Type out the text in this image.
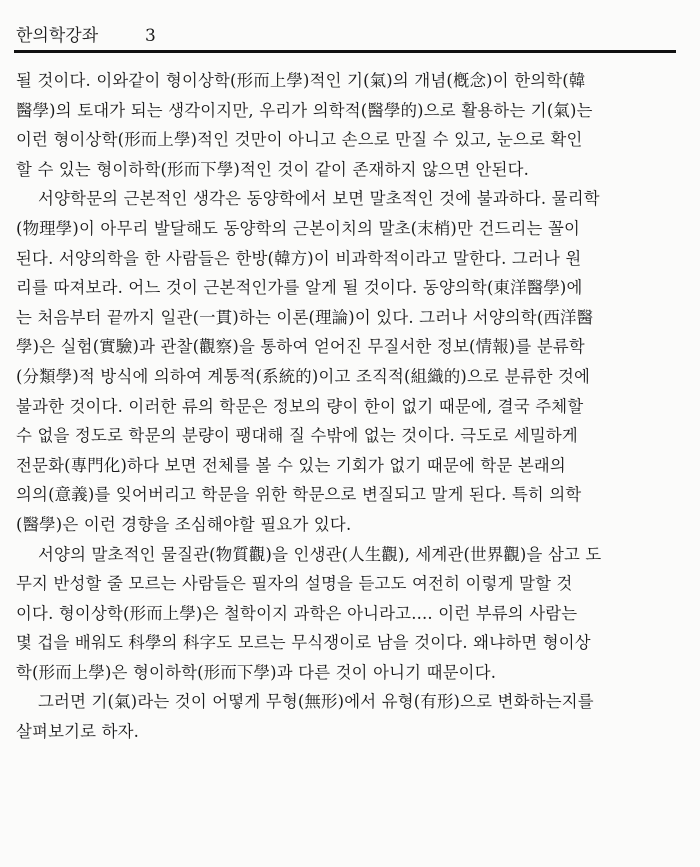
한의학강좌	3
될 것이다. 이와같이 형이상학(形而上學)적인 기(氣)의 개념(槪念)이 한의학(韓
醫學)의 토대가 되는 생각이지만, 우리가 의학적(醫學的)으로 활용하는 기(氣)는
이런 형이상학(形而上學)적인 것만이 아니고 손으로 만질 수 있고, 눈으로 확인
할 수 있는 형이하학(形而下學)적인 것이 같이 존재하지 않으면 안된다.
서양학문의 근본적인 생각은 동양학에서 보면 말초적인 것에 불과하다. 물리학
(物理學)이 아무리 발달해도 동양학의 근본이치의 말초(末梢)만 건드리는 꼴이
된다. 서양의학을 한 사람들은 한방(韓方)이 비과학적이라고 말한다. 그러나 원
리를 따져보라. 어느 것이 근본적인가를 알게 될 것이다. 동양의학(東洋醫學)에
는 처음부터 끝까지 일관(一貫)하는 이론(理論)이 있다. 그러나 서양의학(西洋醫
學)은 실험(實驗)과 관찰(觀察)을 통하여 얻어진 무질서한 정보(情報)를 분류학
(分類學)적 방식에 의하여 계통적(系統的)이고 조직적(組織的)으로 분류한 것에
불과한 것이다. 이러한 류의 학문은 정보의 량이 한이 없기 때문에, 결국 주체할
수 없을 정도로 학문의 분량이 팽대해 질 수밖에 없는 것이다. 극도로 세밀하게
전문화(專門化)하다 보면 전체를 볼 수 있는 기회가 없기 때문에 학문 본래의
의의(意義)를 잊어버리고 학문을 위한 학문으로 변질되고 말게 된다. 특히 의학
(醫學)은 이런 경향을 조심해야할 필요가 있다.
서양의 말초적인 물질관(物質觀)을 인생관(人生觀), 세계관(世界觀)을 삼고 도
무지 반성할 줄 모르는 사람들은 필자의 설명을 듣고도 여전히 이렇게 말할 것
이다. 형이상학(形而上學)은 철학이지 과학은 아니라고.... 이런 부류의 사람는
몇 겁을 배워도 科學의 科字도 모르는 무식쟁이로 남을 것이다. 왜냐하면 형이상
학(形而上學)은 형이하학(形而下學)과 다른 것이 아니기 때문이다.
그러면 기(氣)라는 것이 어떻게 무형(無形)에서 유형(有形)으로 변화하는지를
살펴보기로 하자.
